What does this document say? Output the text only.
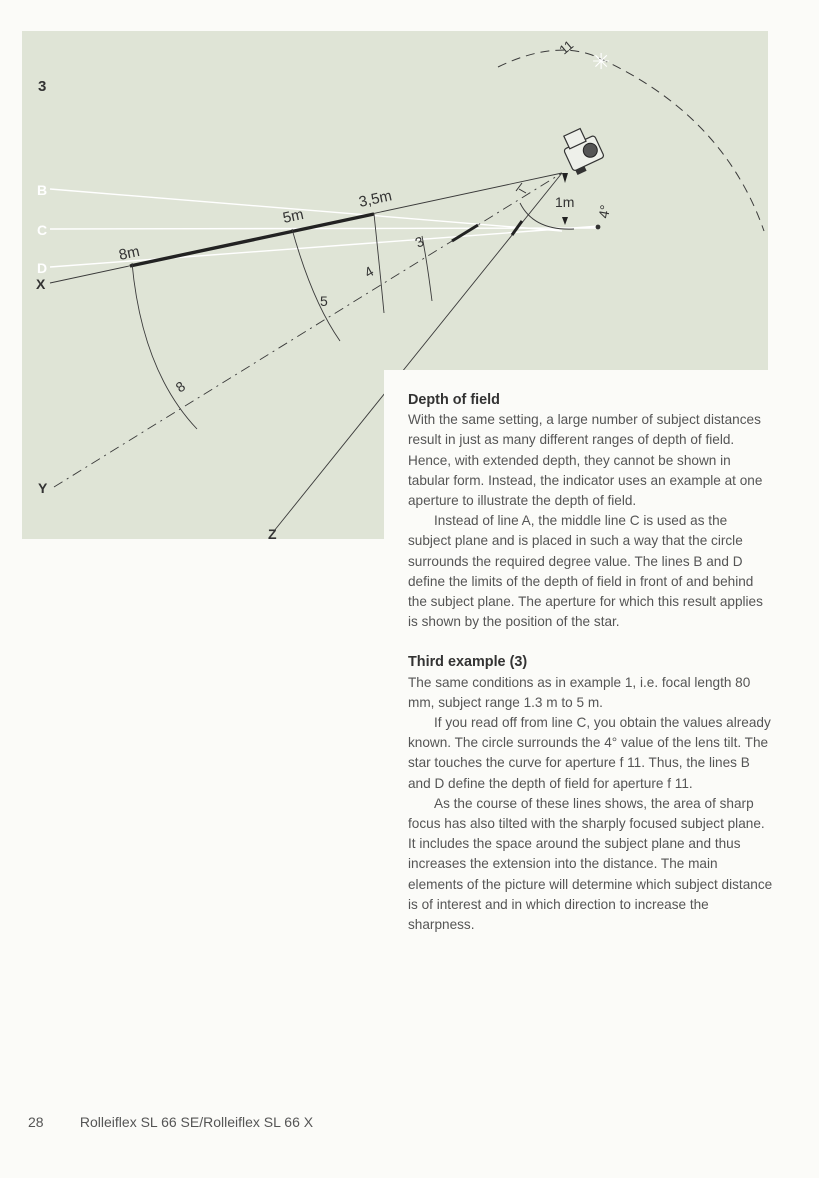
3
B
C
D
X
Y
Z
8m
5m
3,5m	1m
8
5
4
3
4°
11
✳
Depth of field

With the same setting, a large number of subject distances result in just as many different ranges of depth of field. Hence, with extended depth, they cannot be shown in tabular form. Instead, the indicator uses an example at one aperture to illustrate the depth of field.

Instead of line A, the middle line C is used as the subject plane and is placed in such a way that the circle surrounds the required degree value. The lines B and D define the limits of the depth of field in front of and behind the subject plane. The aperture for which this result applies is shown by the position of the star.

Third example (3)

The same conditions as in example 1, i.e. focal length 80 mm, subject range 1.3 m to 5 m.

If you read off from line C, you obtain the values already known. The circle surrounds the 4° value of the lens tilt. The star touches the curve for aperture f 11. Thus, the lines B and D define the depth of field for aperture f 11.

As the course of these lines shows, the area of sharp focus has also tilted with the sharply focused subject plane. It includes the space around the subject plane and thus increases the extension into the distance. The main elements of the picture will determine which subject distance is of interest and in which direction to increase the sharpness.

28	Rolleiflex SL 66 SE/Rolleiflex SL 66 X
